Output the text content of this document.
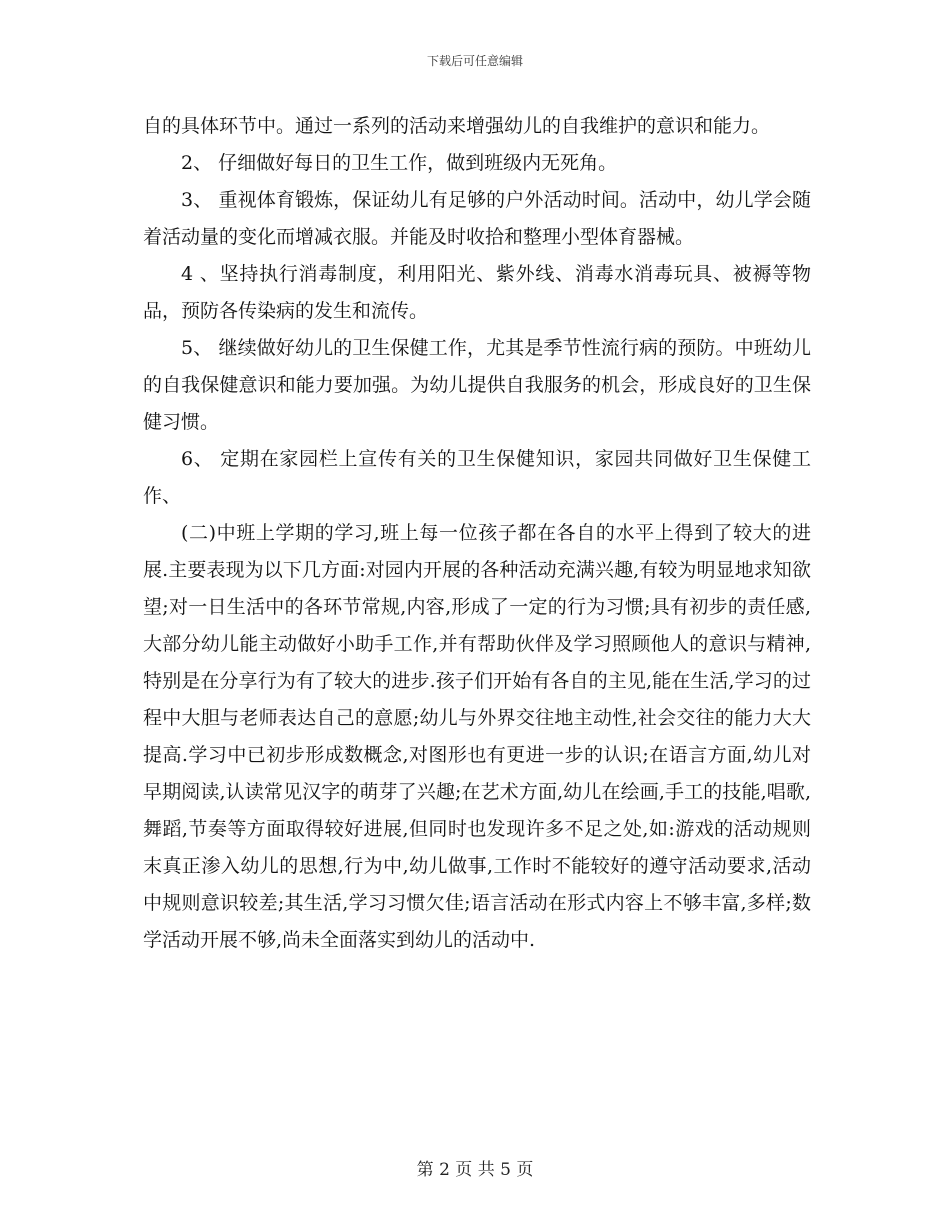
下载后可任意编辑

自的具体环节中。通过一系列的活动来增强幼儿的自我维护的意识和能力。

2、 仔细做好每日的卫生工作，做到班级内无死角。

3、 重视体育锻炼，保证幼儿有足够的户外活动时间。活动中，幼儿学会随着活动量的变化而增减衣服。并能及时收拾和整理小型体育器械。

4 、坚持执行消毒制度，利用阳光、紫外线、消毒水消毒玩具、被褥等物品，预防各传染病的发生和流传。

5、 继续做好幼儿的卫生保健工作，尤其是季节性流行病的预防。中班幼儿的自我保健意识和能力要加强。为幼儿提供自我服务的机会，形成良好的卫生保健习惯。

6、 定期在家园栏上宣传有关的卫生保健知识，家园共同做好卫生保健工作、

(二)中班上学期的学习,班上每一位孩子都在各自的水平上得到了较大的进展.主要表现为以下几方面:对园内开展的各种活动充满兴趣,有较为明显地求知欲望;对一日生活中的各环节常规,内容,形成了一定的行为习惯;具有初步的责任感,大部分幼儿能主动做好小助手工作,并有帮助伙伴及学习照顾他人的意识与精神,特别是在分享行为有了较大的进步.孩子们开始有各自的主见,能在生活,学习的过程中大胆与老师表达自己的意愿;幼儿与外界交往地主动性,社会交往的能力大大提高.学习中已初步形成数概念,对图形也有更进一步的认识;在语言方面,幼儿对早期阅读,认读常见汉字的萌芽了兴趣;在艺术方面,幼儿在绘画,手工的技能,唱歌,舞蹈,节奏等方面取得较好进展,但同时也发现许多不足之处,如:游戏的活动规则末真正渗入幼儿的思想,行为中,幼儿做事,工作时不能较好的遵守活动要求,活动中规则意识较差;其生活,学习习惯欠佳;语言活动在形式内容上不够丰富,多样;数学活动开展不够,尚未全面落实到幼儿的活动中.

第 2 页 共 5 页
